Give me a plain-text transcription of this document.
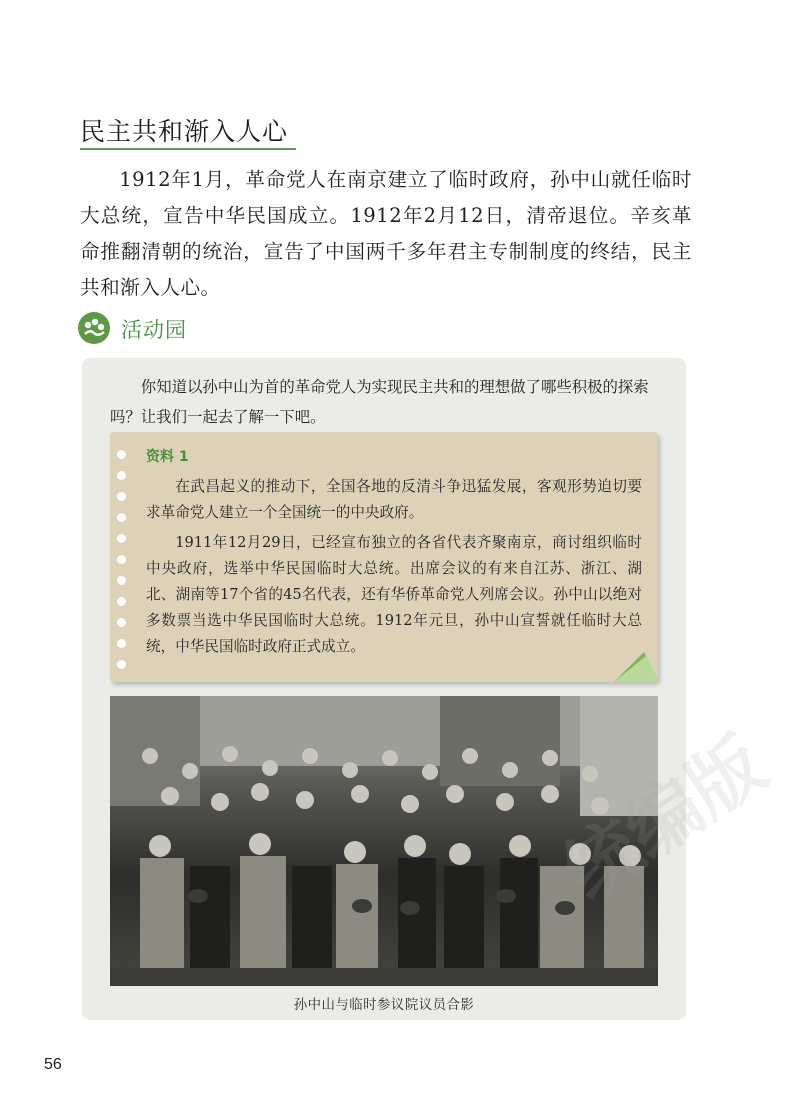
民主共和渐入人心

1912年1月，革命党人在南京建立了临时政府，孙中山就任临时大总统，宣告中华民国成立。1912年2月12日，清帝退位。辛亥革命推翻清朝的统治，宣告了中国两千多年君主专制制度的终结，民主共和渐入人心。

活动园

你知道以孙中山为首的革命党人为实现民主共和的理想做了哪些积极的探索吗？让我们一起去了解一下吧。

资料 1

在武昌起义的推动下，全国各地的反清斗争迅猛发展，客观形势迫切要求革命党人建立一个全国统一的中央政府。

1911年12月29日，已经宣布独立的各省代表齐聚南京，商讨组织临时中央政府，选举中华民国临时大总统。出席会议的有来自江苏、浙江、湖北、湖南等17个省的45名代表，还有华侨革命党人列席会议。孙中山以绝对多数票当选中华民国临时大总统。1912年元旦，孙中山宣誓就任临时大总统，中华民国临时政府正式成立。

孙中山与临时参议院议员合影
56
